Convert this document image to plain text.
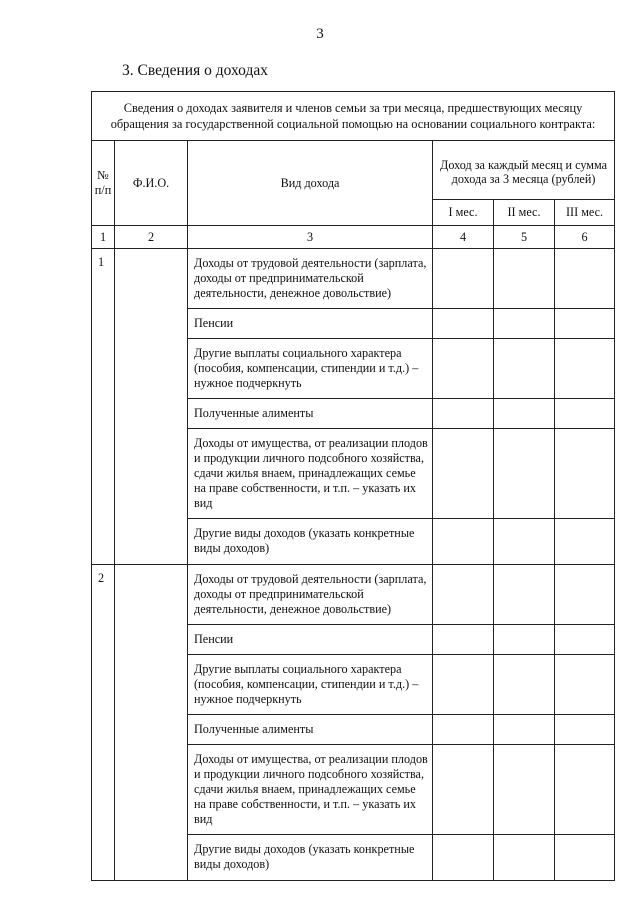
3
3. Сведения о доходах
Сведения о доходах заявителя и членов семьи за три месяца, предшествующих месяцу обращения за государственной социальной помощью на основании социального контракта:					
№ п/п	Ф.И.О.	Вид дохода	Доход за каждый месяц и сумма дохода за 3 месяца (рублей)		
			I мес.	II мес.	III мес.
1	2	3	4	5	6
1		Доходы от трудовой деятельности (зарплата, доходы от предпринимательской деятельности, денежное довольствие)			
		Пенсии			
		Другие выплаты социального характера (пособия, компенсации, стипендии и т.д.) – нужное подчеркнуть			
		Полученные алименты			
		Доходы от имущества, от реализации плодов и продукции личного подсобного хозяйства, сдачи жилья внаем, принадлежащих семье на праве собственности, и т.п. – указать их вид			
		Другие виды доходов (указать конкретные виды доходов)			
2		Доходы от трудовой деятельности (зарплата, доходы от предпринимательской деятельности, денежное довольствие)			
		Пенсии			
		Другие выплаты социального характера (пособия, компенсации, стипендии и т.д.) – нужное подчеркнуть			
		Полученные алименты			
		Доходы от имущества, от реализации плодов и продукции личного подсобного хозяйства, сдачи жилья внаем, принадлежащих семье на праве собственности, и т.п. – указать их вид			
		Другие виды доходов (указать конкретные виды доходов)			
